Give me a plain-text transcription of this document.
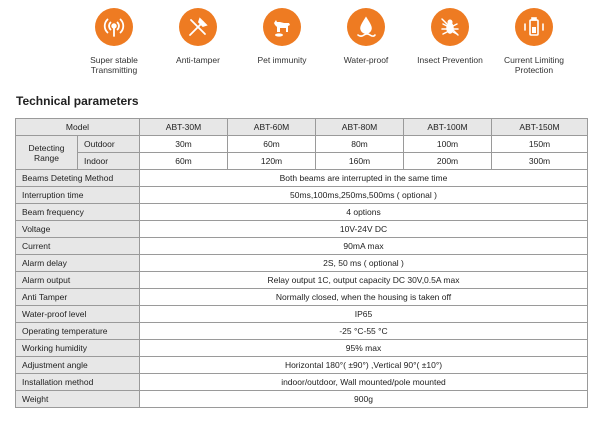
Super stable
Transmitting
Anti-tamper	Pet immunity	Water-proof	Insect Prevention Current Limiting
Protection
Technical parameters
Model		ABT-30M	ABT-60M	ABT-80M	ABT-100M	ABT-150M
Detecting
Range	Outdoor	30m	60m	80m	100m	150m
	Indoor	60m	120m	160m	200m	300m
Beams Deteting Method		Both beams are interrupted in the same time				
Interruption time		50ms,100ms,250ms,500ms ( optional )				
Beam frequency		4 options				
Voltage		10V-24V DC				
Current		90mA max				
Alarm delay		2S, 50 ms ( optional )				
Alarm output		Relay output 1C, output capacity DC 30V,0.5A max				
Anti Tamper		Normally closed, when the housing is taken off				
Water-proof level		IP65				
Operating temperature		-25 °C-55 °C				
Working humidity		95% max				
Adjustment angle		Horizontal 180°( ±90°) ,Vertical 90°( ±10°)				
Installation method		indoor/outdoor, Wall mounted/pole mounted				
Weight		900g				
